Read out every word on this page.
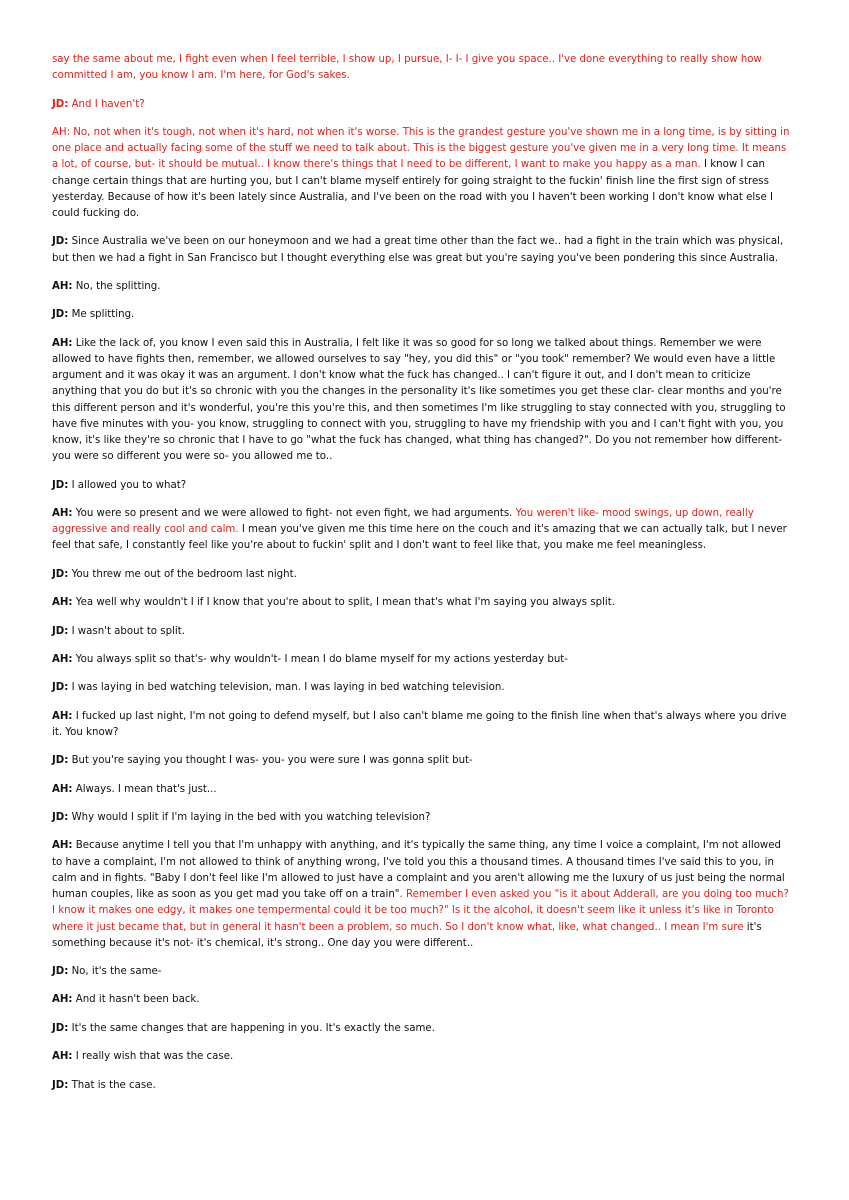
say the same about me, I fight even when I feel terrible, I show up, I pursue, I- I- I give you space.. I've done everything to really show how committed I am, you know I am. I'm here, for God's sakes.

JD: And I haven't?

AH: No, not when it's tough, not when it's hard, not when it's worse. This is the grandest gesture you've shown me in a long time, is by sitting in one place and actually facing some of the stuff we need to talk about. This is the biggest gesture you've given me in a very long time. It means a lot, of course, but- it should be mutual.. I know there's things that I need to be different, I want to make you happy as a man. I know I can change certain things that are hurting you, but I can't blame myself entirely for going straight to the fuckin' finish line the first sign of stress yesterday. Because of how it's been lately since Australia, and I've been on the road with you I haven't been working I don't know what else I could fucking do.

JD: Since Australia we've been on our honeymoon and we had a great time other than the fact we.. had a fight in the train which was physical, but then we had a fight in San Francisco but I thought everything else was great but you're saying you've been pondering this since Australia.

AH: No, the splitting.

JD: Me splitting.

AH: Like the lack of, you know I even said this in Australia, I felt like it was so good for so long we talked about things. Remember we were allowed to have fights then, remember, we allowed ourselves to say "hey, you did this" or "you took" remember? We would even have a little argument and it was okay it was an argument. I don't know what the fuck has changed.. I can't figure it out, and I don't mean to criticize anything that you do but it's so chronic with you the changes in the personality it's like sometimes you get these clar- clear months and you're this different person and it's wonderful, you're this you're this, and then sometimes I'm like struggling to stay connected with you, struggling to have five minutes with you- you know, struggling to connect with you, struggling to have my friendship with you and I can't fight with you, you know, it's like they're so chronic that I have to go "what the fuck has changed, what thing has changed?". Do you not remember how different- you were so different you were so- you allowed me to..

JD: I allowed you to what?

AH: You were so present and we were allowed to fight- not even fight, we had arguments. You weren't like- mood swings, up down, really aggressive and really cool and calm. I mean you've given me this time here on the couch and it's amazing that we can actually talk, but I never feel that safe, I constantly feel like you're about to fuckin' split and I don't want to feel like that, you make me feel meaningless.

JD: You threw me out of the bedroom last night.

AH: Yea well why wouldn't I if I know that you're about to split, I mean that's what I'm saying you always split.

JD: I wasn't about to split.

AH: You always split so that's- why wouldn't- I mean I do blame myself for my actions yesterday but-

JD: I was laying in bed watching television, man. I was laying in bed watching television.

AH: I fucked up last night, I'm not going to defend myself, but I also can't blame me going to the finish line when that's always where you drive it. You know?

JD: But you're saying you thought I was- you- you were sure I was gonna split but-

AH: Always. I mean that's just...

JD: Why would I split if I'm laying in the bed with you watching television?

AH: Because anytime I tell you that I'm unhappy with anything, and it's typically the same thing, any time I voice a complaint, I'm not allowed to have a complaint, I'm not allowed to think of anything wrong, I've told you this a thousand times. A thousand times I've said this to you, in calm and in fights. "Baby I don't feel like I'm allowed to just have a complaint and you aren't allowing me the luxury of us just being the normal human couples, like as soon as you get mad you take off on a train". Remember I even asked you "is it about Adderall, are you doing too much? I know it makes one edgy, it makes one tempermental could it be too much?" Is it the alcohol, it doesn't seem like it unless it's like in Toronto where it just became that, but in general it hasn't been a problem, so much. So I don't know what, like, what changed.. I mean I'm sure it's something because it's not- it's chemical, it's strong.. One day you were different..

JD: No, it's the same-

AH: And it hasn't been back.

JD: It's the same changes that are happening in you. It's exactly the same.

AH: I really wish that was the case.

JD: That is the case.
